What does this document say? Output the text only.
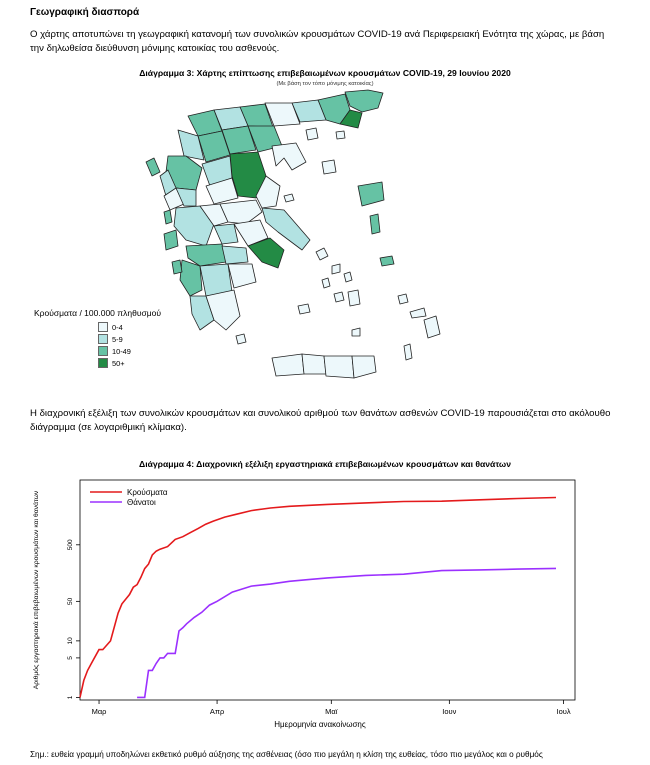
Γεωγραφική διασπορά
Ο χάρτης αποτυπώνει τη γεωγραφική κατανομή των συνολικών κρουσμάτων COVID-19 ανά Περιφερειακή Ενότητα της χώρας, με βάση την δηλωθείσα διεύθυνση μόνιμης κατοικίας του ασθενούς.
Διάγραμμα 3: Χάρτης επίπτωσης επιβεβαιωμένων κρουσμάτων COVID-19, 29 Ιουνίου 2020
(Με βάση τον τόπο μόνιμης κατοικίας)
Κρούσματα / 100.000 πληθυσμού
0-4
5-9
10-49
50+
Η διαχρονική εξέλιξη των συνολικών κρουσμάτων και συνολικού αριθμού των θανάτων ασθενών COVID-19 παρουσιάζεται στο ακόλουθο διάγραμμα (σε λογαριθμική κλίμακα).
Διάγραμμα 4: Διαχρονική εξέλιξη εργαστηριακά επιβεβαιωμένων κρουσμάτων και θανάτων
1
5
10
50
500
Μαρ	Απρ	Μαϊ	Ιουν	Ιουλ
Κρούσματα
Θάνατοι
Ημερομηνία ανακοίνωσης
Αριθμός εργαστηριακά επιβεβαιωμένων κρουσμάτων και θανάτων
Σημ.: ευθεία γραμμή υποδηλώνει εκθετικό ρυθμό αύξησης της ασθένειας (όσο πιο μεγάλη η κλίση της ευθείας, τόσο πιο μεγάλος και ο ρυθμός
